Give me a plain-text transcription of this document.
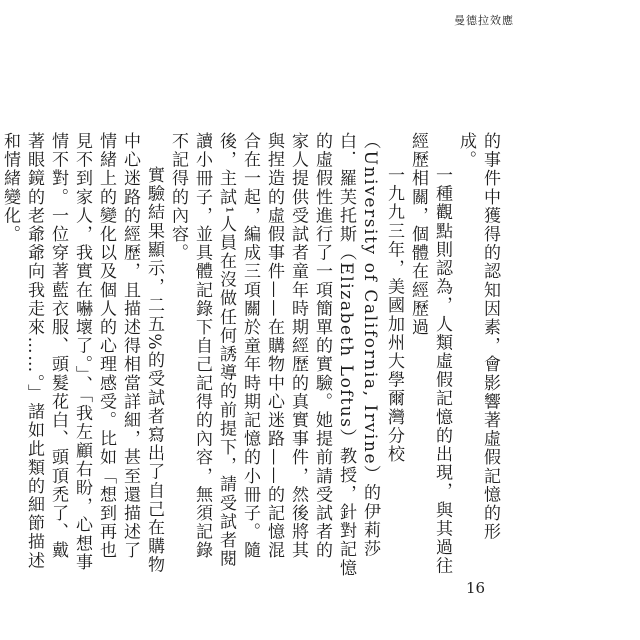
曼德拉效應

的事件中獲得的認知因素，會影響著虛假記憶的形成。

一種觀點則認為，人類虛假記憶的出現，與其過往經歷相關，個體在經歷過

一九九三年，美國加州大學爾灣分校（University of California, Irvine）的伊莉莎白．羅芙托斯（Elizabeth Loftus）教授，針對記憶的虛假性進行了一項簡單的實驗。她提前請受試者的家人提供受試者童年時期經歷的真實事件，然後將其與捏造的虛假事件——在購物中心迷路——的記憶混合在一起，編成三項關於童年時期記憶的小冊子。隨後，主試¹人員在沒做任何誘導的前提下，請受試者閱讀小冊子，並具體記錄下自己記得的內容，無須記錄不記得的內容。

實驗結果顯示，二五%的受試者寫出了自己在購物中心迷路的經歷，且描述得相當詳細，甚至還描述了情緒上的變化以及個人的心理感受。比如「想到再也見不到家人，我實在嚇壞了。」、「我左顧右盼，心想事情不對。一位穿著藍衣服、頭髮花白、頭頂禿了、戴著眼鏡的老爺爺向我走來……。」諸如此類的細節描述和情緒變化。

16
